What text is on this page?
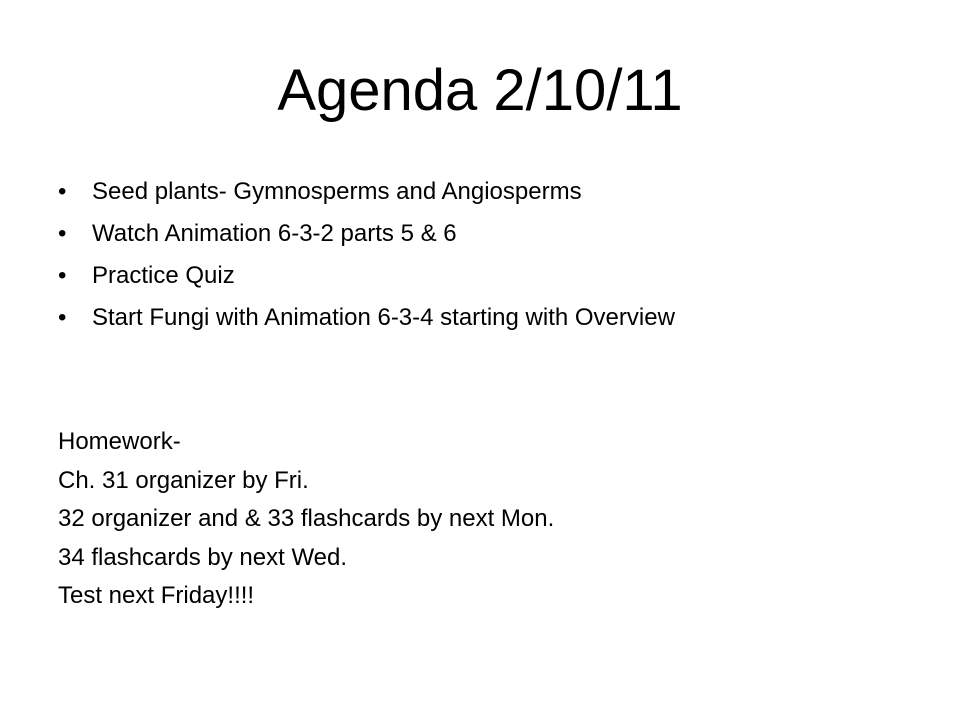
Agenda 2/10/11
• Seed plants- Gymnosperms and Angiosperms
• Watch Animation 6-3-2 parts 5 & 6
• Practice Quiz
• Start Fungi with Animation 6-3-4 starting with Overview
Homework-
Ch. 31 organizer by Fri.
32 organizer and & 33 flashcards by next Mon.
34 flashcards by next Wed.
Test next Friday!!!!
